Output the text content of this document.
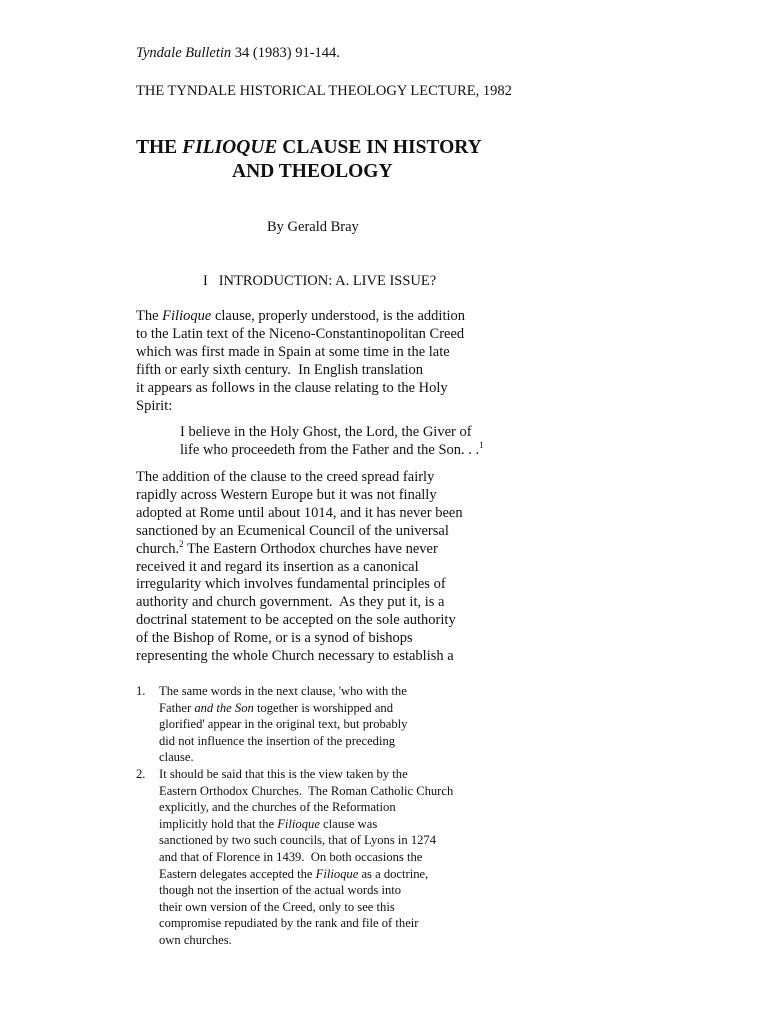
Tyndale Bulletin 34 (1983) 91-144.

THE TYNDALE HISTORICAL THEOLOGY LECTURE, 1982

THE FILIOQUE CLAUSE IN HISTORY
AND THEOLOGY

By Gerald Bray

I   INTRODUCTION: A. LIVE ISSUE?

The Filioque clause, properly understood, is the addition
to the Latin text of the Niceno-Constantinopolitan Creed
which was first made in Spain at some time in the late
fifth or early sixth century.  In English translation
it appears as follows in the clause relating to the Holy
Spirit:
I believe in the Holy Ghost, the Lord, the Giver of
life who proceedeth from the Father and the Son. . .$^1$
The addition of the clause to the creed spread fairly
rapidly across Western Europe but it was not finally
adopted at Rome until about 1014, and it has never been
sanctioned by an Ecumenical Council of the universal
church.$^2$ The Eastern Orthodox churches have never
received it and regard its insertion as a canonical
irregularity which involves fundamental principles of
authority and church government.  As they put it, is a
doctrinal statement to be accepted on the sole authority
of the Bishop of Rome, or is a synod of bishops
representing the whole Church necessary to establish a
1. The same words in the next clause, 'who with the
Father and the Son together is worshipped and
glorified' appear in the original text, but probably
did not influence the insertion of the preceding
clause.
2. It should be said that this is the view taken by the
Eastern Orthodox Churches.  The Roman Catholic Church
explicitly, and the churches of the Reformation
implicitly hold that the Filioque clause was
sanctioned by two such councils, that of Lyons in 1274
and that of Florence in 1439.  On both occasions the
Eastern delegates accepted the Filioque as a doctrine,
though not the insertion of the actual words into
their own version of the Creed, only to see this
compromise repudiated by the rank and file of their
own churches.
